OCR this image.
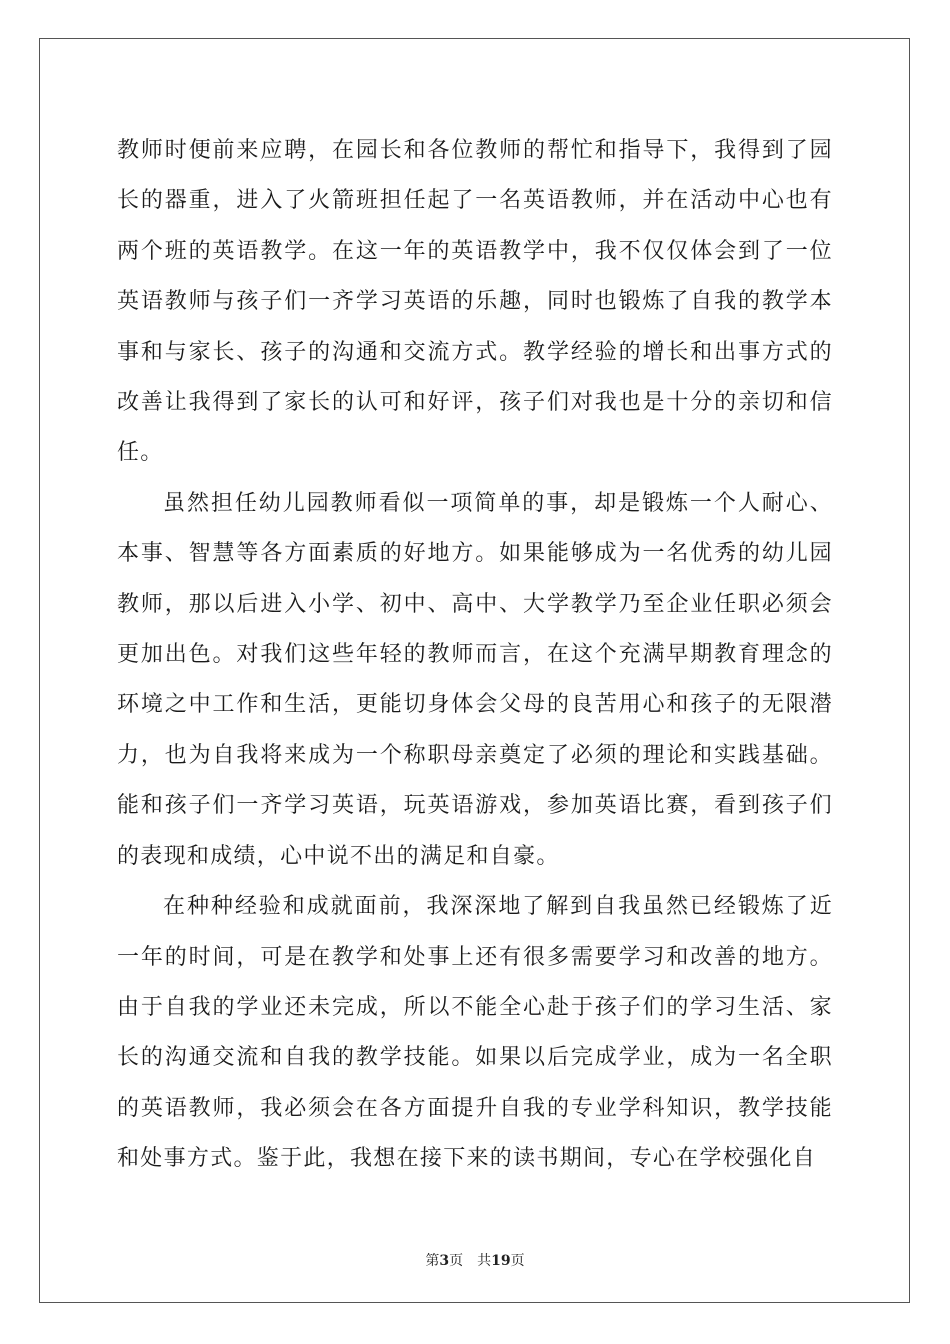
教师时便前来应聘，在园长和各位教师的帮忙和指导下，我得到了园长的器重，进入了火箭班担任起了一名英语教师，并在活动中心也有两个班的英语教学。在这一年的英语教学中，我不仅仅体会到了一位英语教师与孩子们一齐学习英语的乐趣，同时也锻炼了自我的教学本事和与家长、孩子的沟通和交流方式。教学经验的增长和出事方式的改善让我得到了家长的认可和好评，孩子们对我也是十分的亲切和信任。

虽然担任幼儿园教师看似一项简单的事，却是锻炼一个人耐心、本事、智慧等各方面素质的好地方。如果能够成为一名优秀的幼儿园教师，那以后进入小学、初中、高中、大学教学乃至企业任职必须会更加出色。对我们这些年轻的教师而言，在这个充满早期教育理念的环境之中工作和生活，更能切身体会父母的良苦用心和孩子的无限潜力，也为自我将来成为一个称职母亲奠定了必须的理论和实践基础。能和孩子们一齐学习英语，玩英语游戏，参加英语比赛，看到孩子们的表现和成绩，心中说不出的满足和自豪。

在种种经验和成就面前，我深深地了解到自我虽然已经锻炼了近一年的时间，可是在教学和处事上还有很多需要学习和改善的地方。由于自我的学业还未完成，所以不能全心赴于孩子们的学习生活、家长的沟通交流和自我的教学技能。如果以后完成学业，成为一名全职的英语教师，我必须会在各方面提升自我的专业学科知识，教学技能和处事方式。鉴于此，我想在接下来的读书期间，专心在学校强化自

第3页 共19页
